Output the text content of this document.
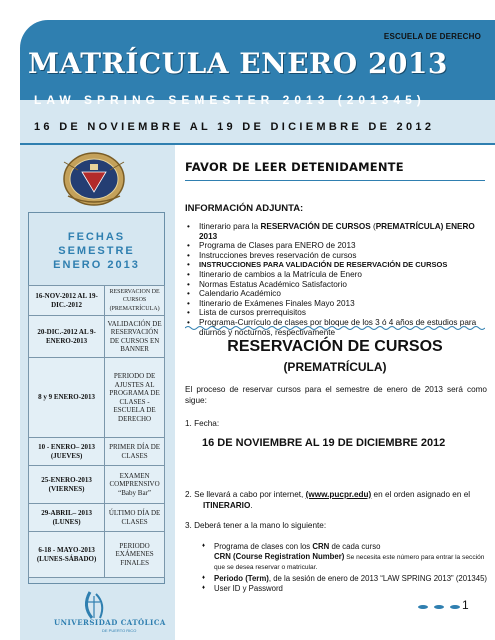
ESCUELA DE DERECHO
MATRÍCULA ENERO 2013
LAW SPRING SEMESTER 2013 (201345)
16 DE NOVIEMBRE AL 19 DE DICIEMBRE DE 2012
FECHAS
SEMESTRE
ENERO 2013
16-NOV-2012 AL 19-DIC.-2012	RESERVACION DE CURSOS
(PREMATRÍCULA)
20-DIC.-2012 AL 9-ENERO-2013	VALIDACIÓN DE RESERVACIÓN DE CURSOS EN BANNER
8 y 9 ENERO-2013	PERIODO DE AJUSTES AL PROGRAMA DE CLASES - ESCUELA DE DERECHO
10 - ENERO– 2013 (JUEVES)	PRIMER DÍA DE CLASES
25-ENERO-2013 (VIERNES)	EXAMEN COMPRENSIVO “Baby Bar”
29-ABRIL– 2013 (LUNES)	ÚLTIMO DÍA DE CLASES
6-18 - MAYO-2013 (LUNES-SÁBADO)	PERIODO EXÁMENES FINALES
UNIVERSIDAD CATÓLICA
DE PUERTO RICO
FAVOR DE LEER DETENIDAMENTE
INFORMACIÓN ADJUNTA:
• Itinerario para la RESERVACIÓN DE CURSOS (PREMATRÍCULA) ENERO 2013
• Programa de Clases para ENERO de 2013
• Instrucciones breves reservación de cursos
• INSTRUCCIONES PARA VALIDACIÓN DE RESERVACIÓN DE CURSOS
• Itinerario de cambios a la Matrícula de Enero
• Normas Estatus Académico Satisfactorio
• Calendario Académico
• Itinerario de Exámenes Finales Mayo 2013
• Lista de cursos prerrequisitos
• Programa-Currículo de clases por bloque de los 3 ó 4 años de estudios para diurnos y nocturnos, respectivamente
RESERVACIÓN DE CURSOS
(PREMATRÍCULA)
El proceso de reservar cursos para el semestre de enero de 2013 será como sigue:
1. Fecha:
16 DE NOVIEMBRE AL 19 DE DICIEMBRE 2012
2. Se llevará a cabo por internet, (www.pucpr.edu) en el orden asignado en el ITINERARIO.
3. Deberá tener a la mano lo siguiente:
♦ Programa de clases con los CRN de cada curso
CRN (Course Registration Number) Se necesita este número para entrar la sección que se desea reservar o matricular.
♦ Periodo (Term), de la sesión de enero de 2013 “LAW SPRING 2013” (201345)
♦ User ID y Password
1
